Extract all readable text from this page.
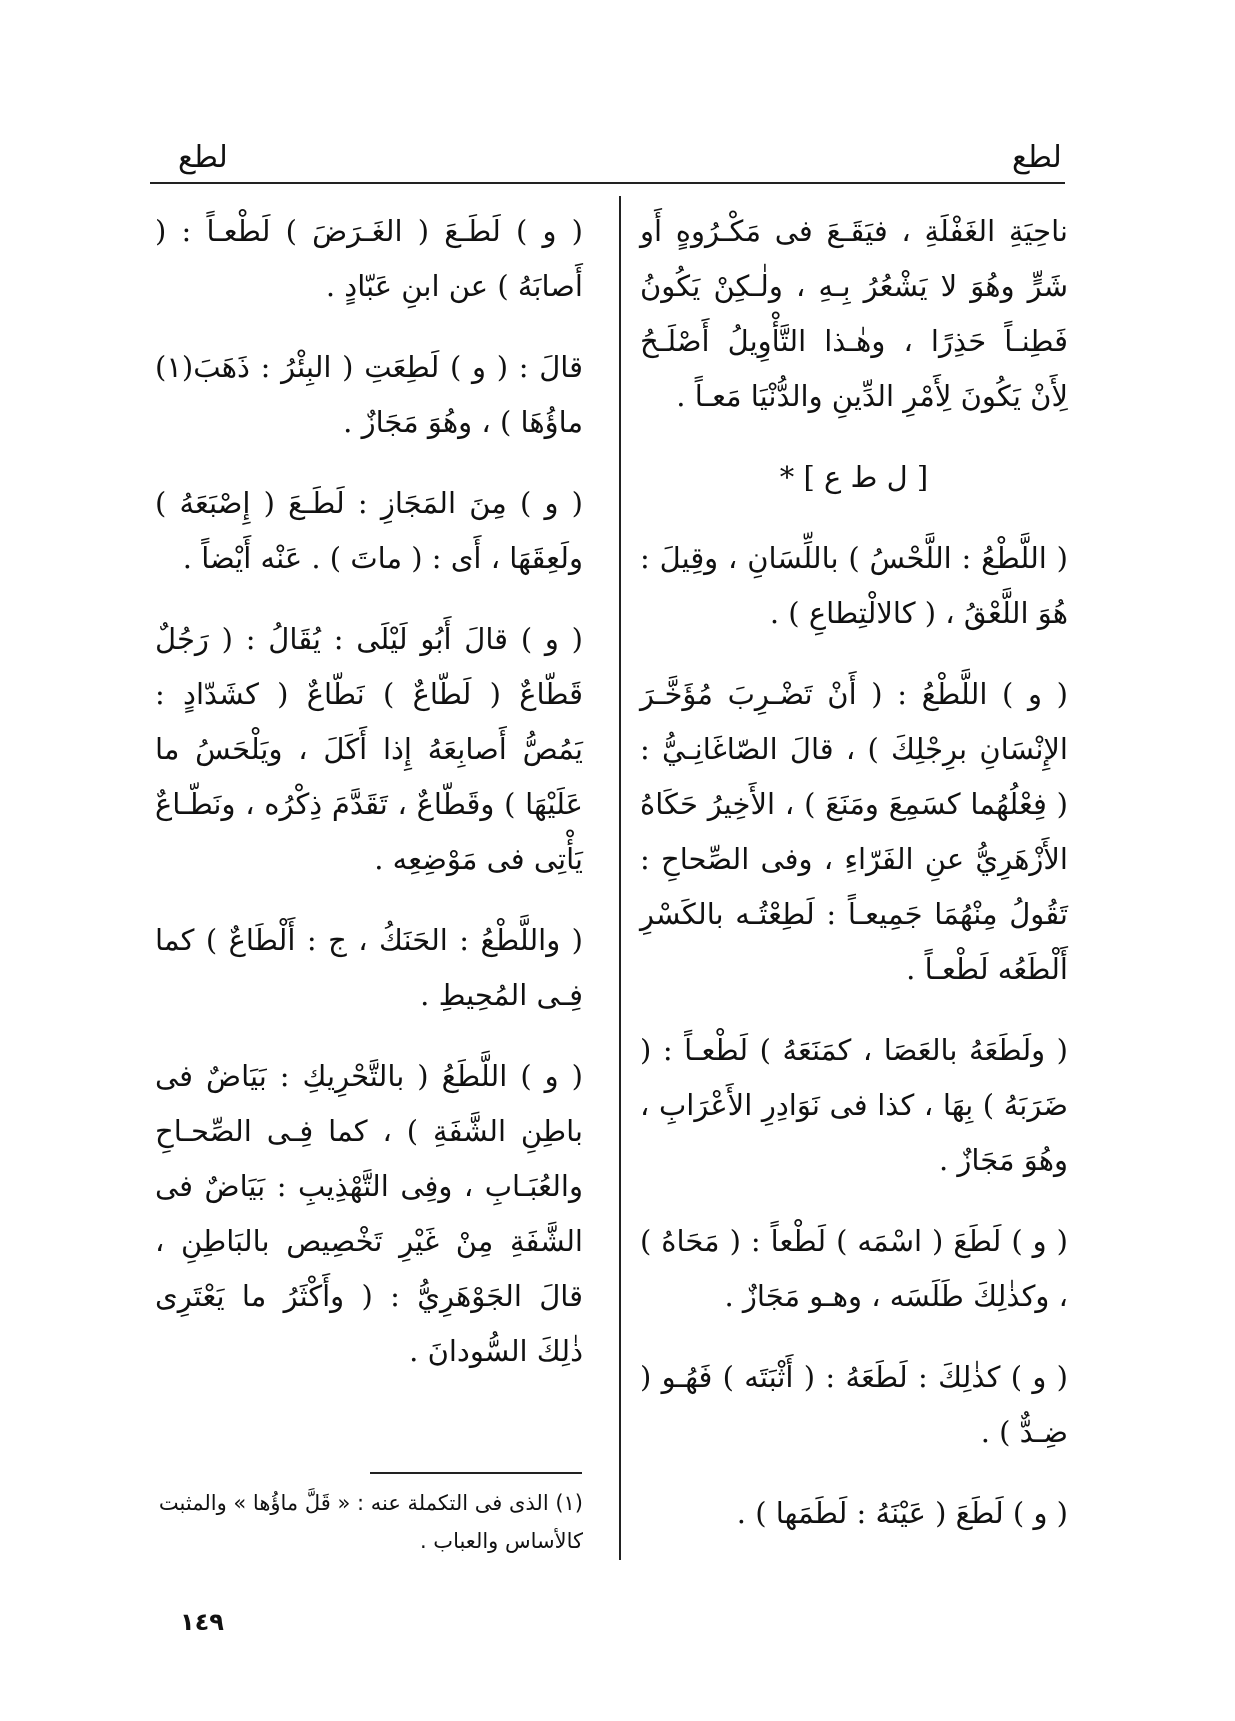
لطع	لطع

ناحِيَةِ الغَفْلَةِ ، فيَقَـعَ فى مَكْـرُوهٍ أَو شَرٍّ وهُوَ لا يَشْعُرُ بِـهِ ، ولٰـكِنْ يَكُونُ فَطِنـاً حَذِرًا ، وهٰـذا التَّأْوِيلُ أَصْلَـحُ لِأَنْ يَكُونَ لِأَمْرِ الدِّينِ والدُّنْيَا مَعـاً .

[ ل ط ع ] *

( اللَّطْعُ : اللَّحْسُ ) باللِّسَانِ ، وقِيلَ : هُوَ اللَّعْقُ ، ( كالالْتِطاعِ ) .

( و ) اللَّطْعُ : ( أَنْ تَضْـرِبَ مُؤَخَّـرَ الإِنْسَانِ برِجْلِكَ ) ، قالَ الصّاغَانِـيُّ : ( فِعْلُهُما كسَمِعَ ومَنَعَ ) ، الأَخِيرُ حَكَاهُ الأَزْهَرِيُّ عنِ الفَرّاءِ ، وفى الصِّحاحِ : تَقُولُ مِنْهُمَا جَمِيعـاً : لَطِعْتُـه بالكَسْرِ أَلْطَعُه لَطْعـاً .

( ولَطَعَهُ بالعَصَا ، كمَنَعَهُ ) لَطْعـاً : ( ضَرَبَهُ ) بِهَا ، كذا فى نَوَادِرِ الأَعْرَابِ ، وهُوَ مَجَازٌ .

( و ) لَطَعَ ( اسْمَه ) لَطْعاً : ( مَحَاهُ ) ، وكذٰلِكَ طَلَسَه ، وهـو مَجَازٌ .

( و ) كذٰلِكَ : لَطَعَهُ : ( أَثْبَتَه ) فَهُـو ( ضِـدٌّ ) .

( و ) لَطَعَ ( عَيْنَهُ : لَطَمَها ) .

( و ) لَطَـعَ ( الغَـرَضَ ) لَطْعـاً : ( أَصابَهُ ) عن ابنِ عَبّادٍ .

قالَ : ( و ) لَطِعَتِ ( البِئْرُ : ذَهَبَ(١) ماؤُهَا ) ، وهُوَ مَجَازٌ .

( و ) مِنَ المَجَازِ : لَطَـعَ ( إِصْبَعَهُ ) ولَعِقَهَا ، أَى : ( ماتَ ) . عَنْه أَيْضاً .

( و ) قالَ أَبُو لَيْلَى : يُقَالُ : ( رَجُلٌ قَطّاعٌ ( لَطّاعٌ ) نَطّاعٌ ( كشَدّادٍ : يَمُصُّ أَصابِعَهُ إِذا أَكَلَ ، ويَلْحَسُ ما عَلَيْهَا ) وقَطّاعٌ ، تَقَدَّمَ ذِكْرُه ، ونَطّـاعٌ يَأْتِى فى مَوْضِعِه .

( واللَّطْعُ : الحَنَكُ ، ج : أَلْطَاعٌ ) كما فِـى المُحِيطِ .

( و ) اللَّطَعُ ( بالتَّحْرِيكِ : بَيَاضٌ فى باطِنِ الشَّفَةِ ) ، كما فِـى الصِّحـاحِ والعُبَـابِ ، وفِى التَّهْذِيبِ : بَيَاضٌ فى الشَّفَةِ مِنْ غَيْرِ تَخْصِيص بالبَاطِنِ ، قالَ الجَوْهَرِيُّ : ( وأَكْثَرُ ما يَعْتَرِى ذٰلِكَ السُّودانَ .

(١) الذى فى التكملة عنه : « قَلَّ ماؤُها » والمثبت كالأساس والعباب .
١٤٩
